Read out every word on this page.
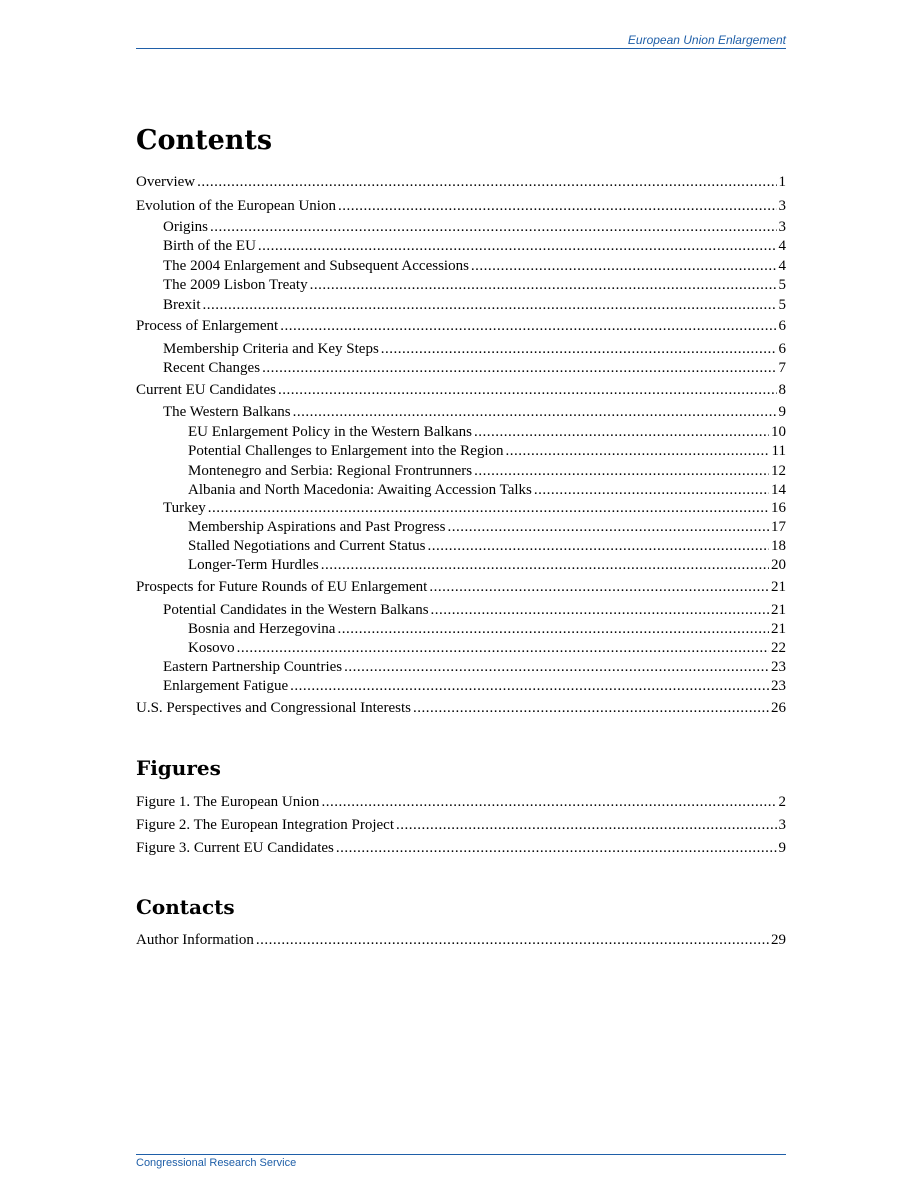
European Union Enlargement
Contents
Overview .....	1
Evolution of the European Union .....	3
Origins .....	3
Birth of the EU .....	4
The 2004 Enlargement and Subsequent Accessions .....	4
The 2009 Lisbon Treaty .....	5
Brexit .....	5
Process of Enlargement .....	6
Membership Criteria and Key Steps .....	6
Recent Changes .....	7
Current EU Candidates .....	8
The Western Balkans .....	9
EU Enlargement Policy in the Western Balkans .....	10
Potential Challenges to Enlargement into the Region .....	11
Montenegro and Serbia: Regional Frontrunners .....	12
Albania and North Macedonia: Awaiting Accession Talks .....	14
Turkey .....	16
Membership Aspirations and Past Progress .....	17
Stalled Negotiations and Current Status .....	18
Longer-Term Hurdles .....	20
Prospects for Future Rounds of EU Enlargement .....	21
Potential Candidates in the Western Balkans .....	21
Bosnia and Herzegovina .....	21
Kosovo .....	22
Eastern Partnership Countries .....	23
Enlargement Fatigue .....	23
U.S. Perspectives and Congressional Interests .....	26
Figures
Figure 1. The European Union .....	2
Figure 2. The European Integration Project .....	3
Figure 3. Current EU Candidates .....	9
Contacts
Author Information .....	29
Congressional Research Service
